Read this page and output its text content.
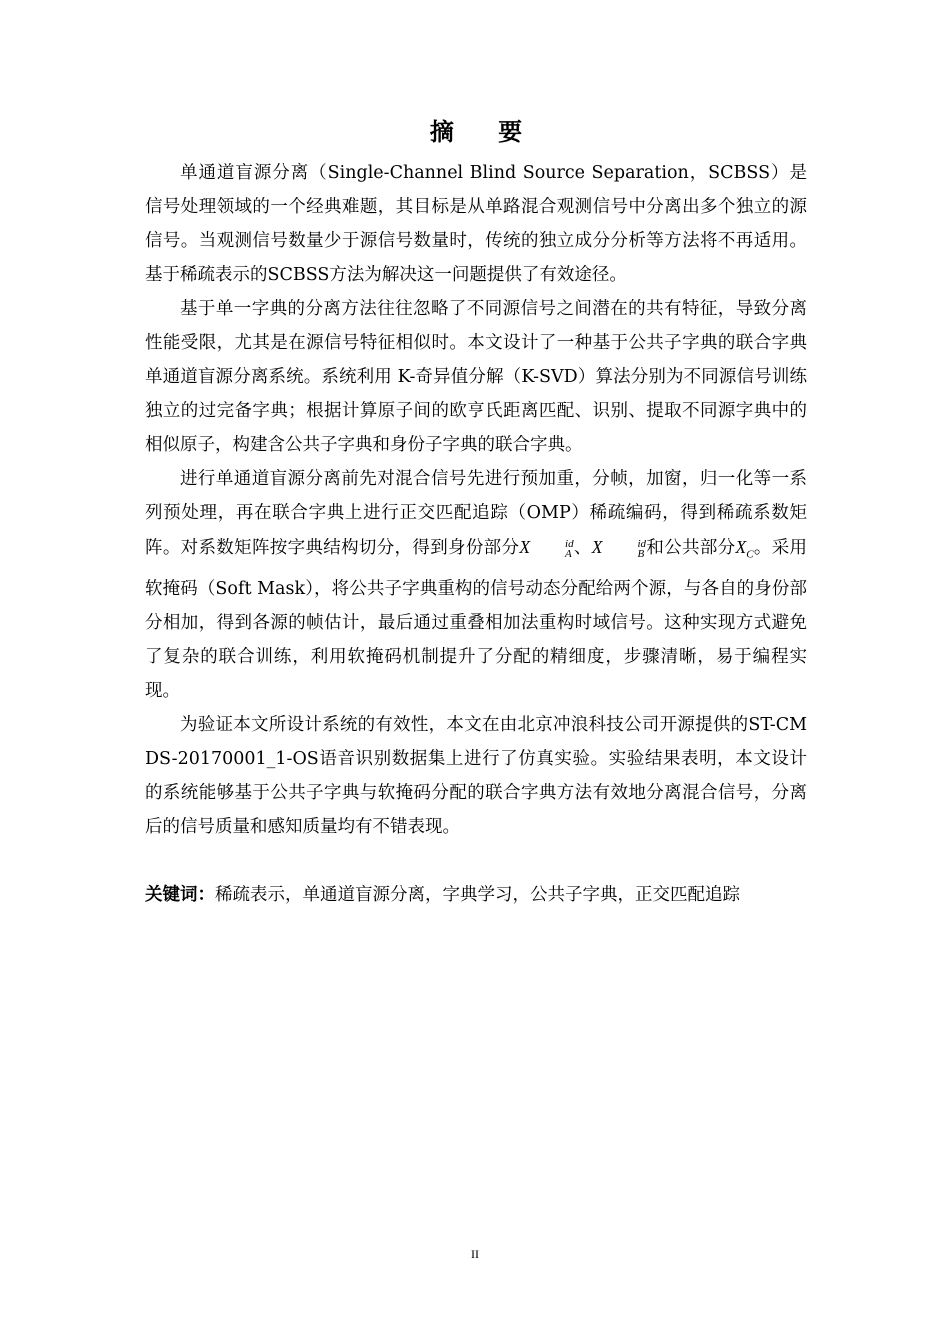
摘 要

单通道盲源分离（Single-Channel Blind Source Separation，SCBSS）是信号处理领域的一个经典难题，其目标是从单路混合观测信号中分离出多个独立的源信号。当观测信号数量少于源信号数量时，传统的独立成分分析等方法将不再适用。基于稀疏表示的SCBSS方法为解决这一问题提供了有效途径。

基于单一字典的分离方法往往忽略了不同源信号之间潜在的共有特征，导致分离性能受限，尤其是在源信号特征相似时。本文设计了一种基于公共子字典的联合字典单通道盲源分离系统。系统利用 K-奇异值分解（K-SVD）算法分别为不同源信号训练独立的过完备字典；根据计算原子间的欧亨氏距离匹配、识别、提取不同源字典中的相似原子，构建含公共子字典和身份子字典的联合字典。

进行单通道盲源分离前先对混合信号先进行预加重，分帧，加窗，归一化等一系列预处理，再在联合字典上进行正交匹配追踪（OMP）稀疏编码，得到稀疏系数矩阵。对系数矩阵按字典结构切分，得到身份部分X	id
A 、X	id
B 和公共部分$X_C$。采用软掩码（Soft Mask），将公共子字典重构的信号动态分配给两个源，与各自的身份部分相加，得到各源的帧估计，最后通过重叠相加法重构时域信号。这种实现方式避免了复杂的联合训练，利用软掩码机制提升了分配的精细度，步骤清晰，易于编程实现。

为验证本文所设计系统的有效性，本文在由北京冲浪科技公司开源提供的ST-CMDS-20170001_1-OS语音识别数据集上进行了仿真实验。实验结果表明，本文设计的系统能够基于公共子字典与软掩码分配的联合字典方法有效地分离混合信号，分离后的信号质量和感知质量均有不错表现。

关键词：稀疏表示，单通道盲源分离，字典学习，公共子字典，正交匹配追踪
II
